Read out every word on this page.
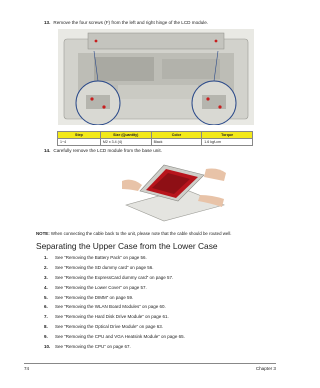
13. Remove the four screws (F) from the left and right hinge of the LCD module.
Step	Size (Quantity)	Color	Torque
1~4	M2 x 3.4 (4)	Black	1.6 kgf-cm
14. Carefully remove the LCD module from the base unit.
NOTE: When connecting the cable back to the unit, please note that the cable should be routed well.
Separating the Upper Case from the Lower Case
1. See “Removing the Battery Pack” on page 56.
2. See “Removing the SD dummy card” on page 56.
3. See “Removing the ExpressCard dummy card” on page 57.
4. See “Removing the Lower Cover” on page 57.
5. See “Removing the DIMM” on page 59.
6. See “Removing the WLAN Board Modules” on page 60.
7. See “Removing the Hard Disk Drive Module” on page 61.
8. See “Removing the Optical Drive Module” on page 63.
9. See “Removing the CPU and VGA Heatsink Module” on page 65.
10. See “Removing the CPU” on page 67.
74	Chapter 3
